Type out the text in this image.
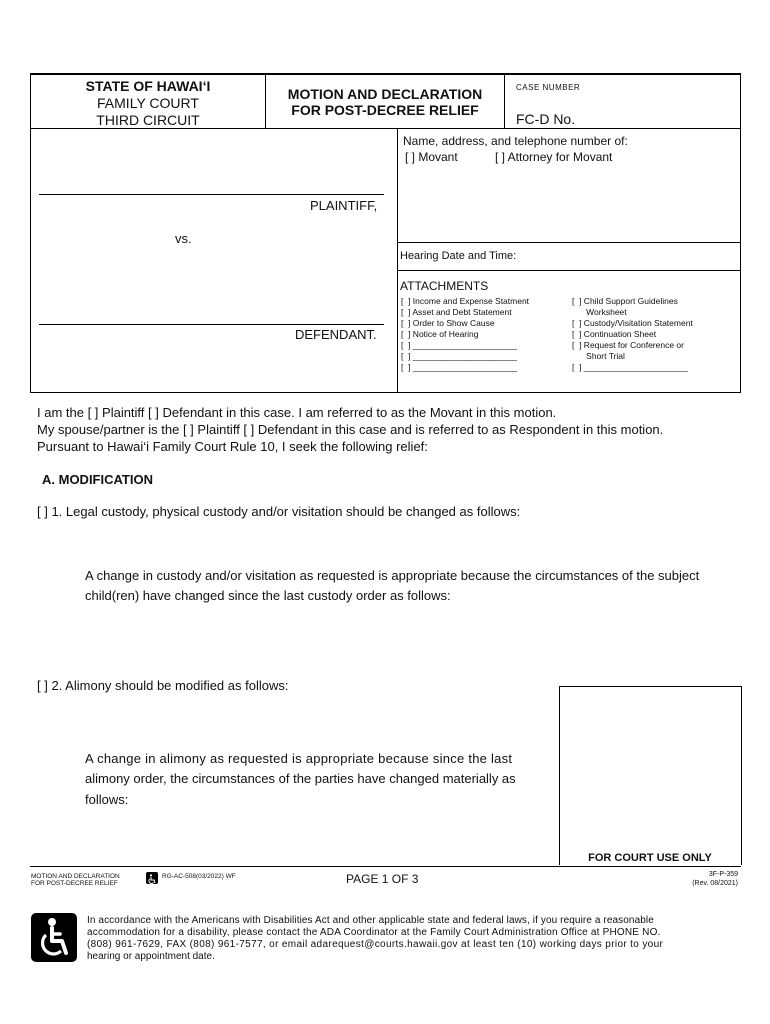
STATE OF HAWAI‘I
FAMILY COURT
THIRD CIRCUIT
MOTION AND DECLARATION
FOR POST-DECREE RELIEF
CASE NUMBER
FC-D No.
PLAINTIFF,
vs.
DEFENDANT.
Name, address, and telephone number of:
[ ] Movant	[ ] Attorney for Movant
Hearing Date and Time:
ATTACHMENTS
[  ] Income and Expense Statment
[  ] Asset and Debt Statement
[  ] Order to Show Cause
[  ] Notice of Hearing
[  ] ______________________
[  ] ______________________
[  ] ______________________
[  ] Child Support Guidelines
Worksheet
[  ] Custody/Visitation Statement
[  ] Continuation Sheet
[  ] Request for Conference or
Short Trial
[  ] ______________________
I am the [ ] Plaintiff [ ] Defendant in this case. I am referred to as the Movant in this motion.
My spouse/partner is the [ ] Plaintiff [ ] Defendant in this case and is referred to as Respondent in this motion.
Pursuant to Hawai‘i Family Court Rule 10, I seek the following relief:
A. MODIFICATION
[ ] 1. Legal custody, physical custody and/or visitation should be changed as follows:
A change in custody and/or visitation as requested is appropriate because the circumstances of the subject
child(ren) have changed since the last custody order as follows:
[ ] 2. Alimony should be modified as follows:
A change in alimony as requested is appropriate because since the last
alimony order, the circumstances of the parties have changed materially as
follows:
FOR COURT USE ONLY
MOTION AND DECLARATION
FOR POST-DECREE RELIEF
RG-AC-508(03/2022) WF	PAGE 1 OF 3	3F-P-359
(Rev. 08/2021)
In accordance with the Americans with Disabilities Act and other applicable state and federal laws, if you require a reasonable
accommodation for a disability, please contact the ADA Coordinator at the Family Court Administration Office at PHONE NO.
(808) 961-7629, FAX (808) 961-7577, or email adarequest@courts.hawaii.gov at least ten (10) working days prior to your
hearing or appointment date.
